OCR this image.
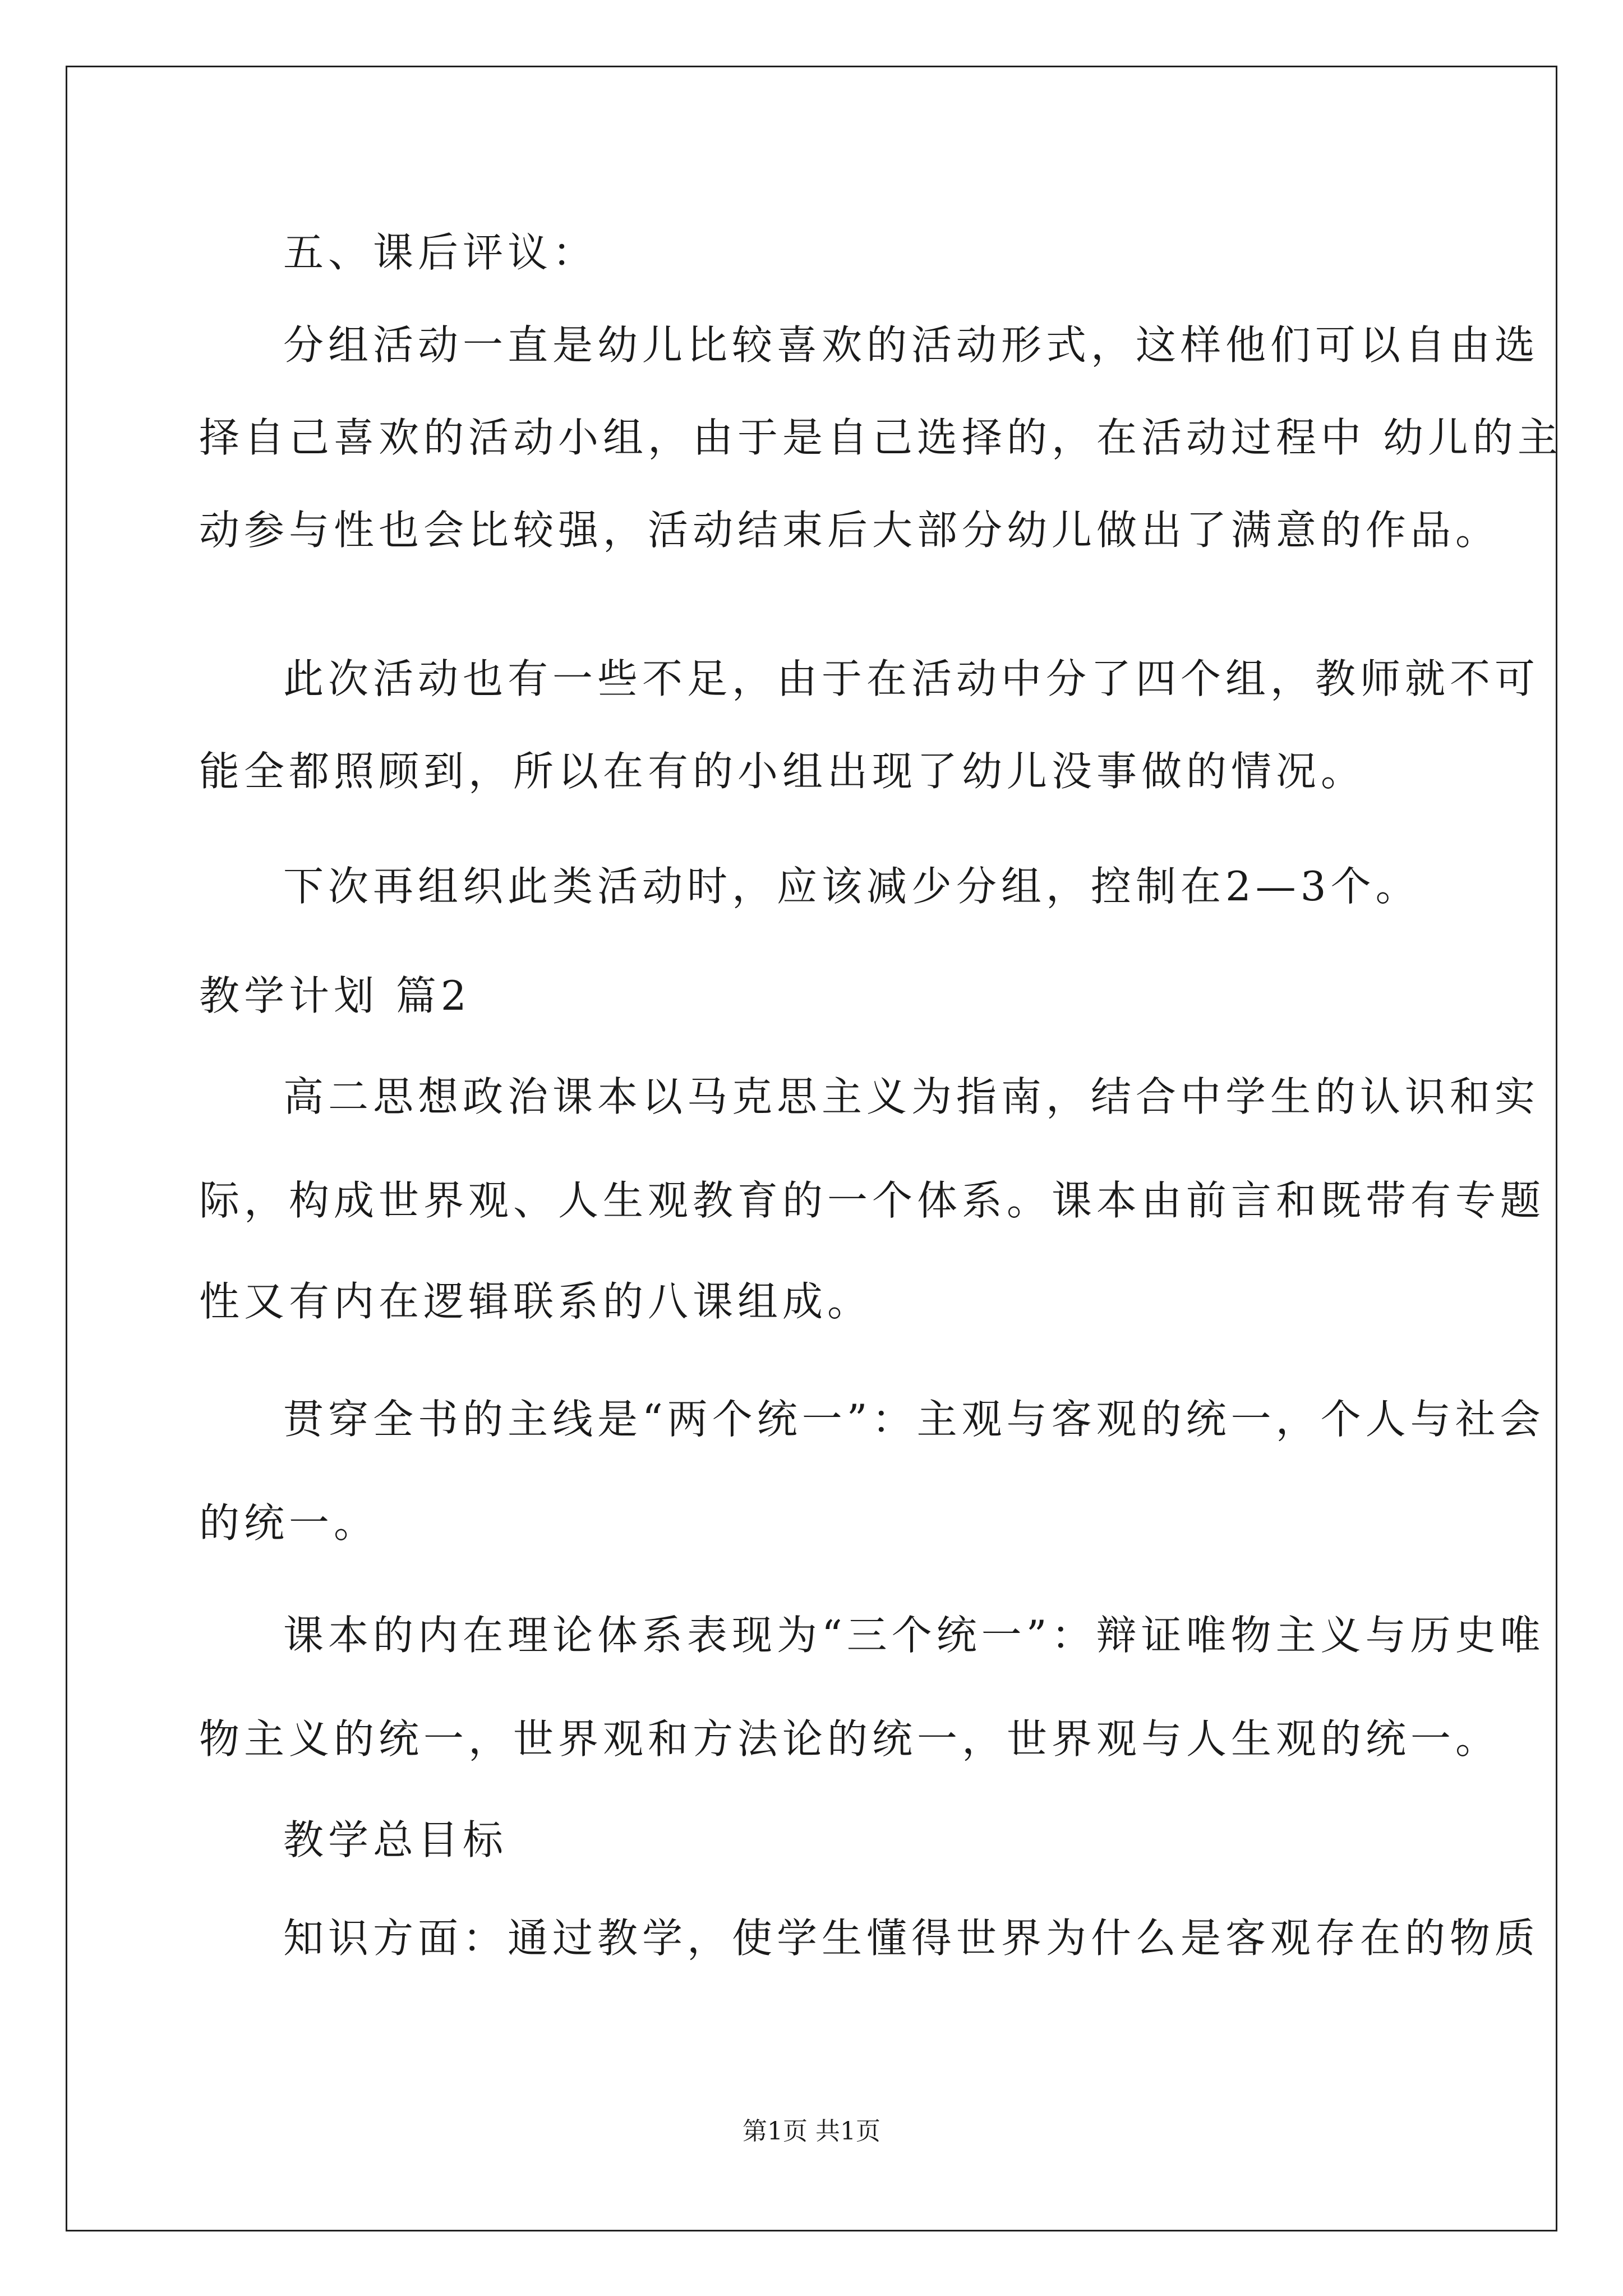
五、课后评议：
分组活动一直是幼儿比较喜欢的活动形式，这样他们可以自由选
择自己喜欢的活动小组，由于是自己选择的，在活动过程中 幼儿的主
动参与性也会比较强，活动结束后大部分幼儿做出了满意的作品。
此次活动也有一些不足，由于在活动中分了四个组，教师就不可
能全都照顾到，所以在有的小组出现了幼儿没事做的情况。
下次再组织此类活动时，应该减少分组，控制在2—3个。
教学计划 篇2
高二思想政治课本以马克思主义为指南，结合中学生的认识和实
际，构成世界观、人生观教育的一个体系。课本由前言和既带有专题
性又有内在逻辑联系的八课组成。
贯穿全书的主线是“两个统一”：主观与客观的统一，个人与社会
的统一。
课本的内在理论体系表现为“三个统一”：辩证唯物主义与历史唯
物主义的统一，世界观和方法论的统一，世界观与人生观的统一。
教学总目标
知识方面：通过教学，使学生懂得世界为什么是客观存在的物质
第1页 共1页
